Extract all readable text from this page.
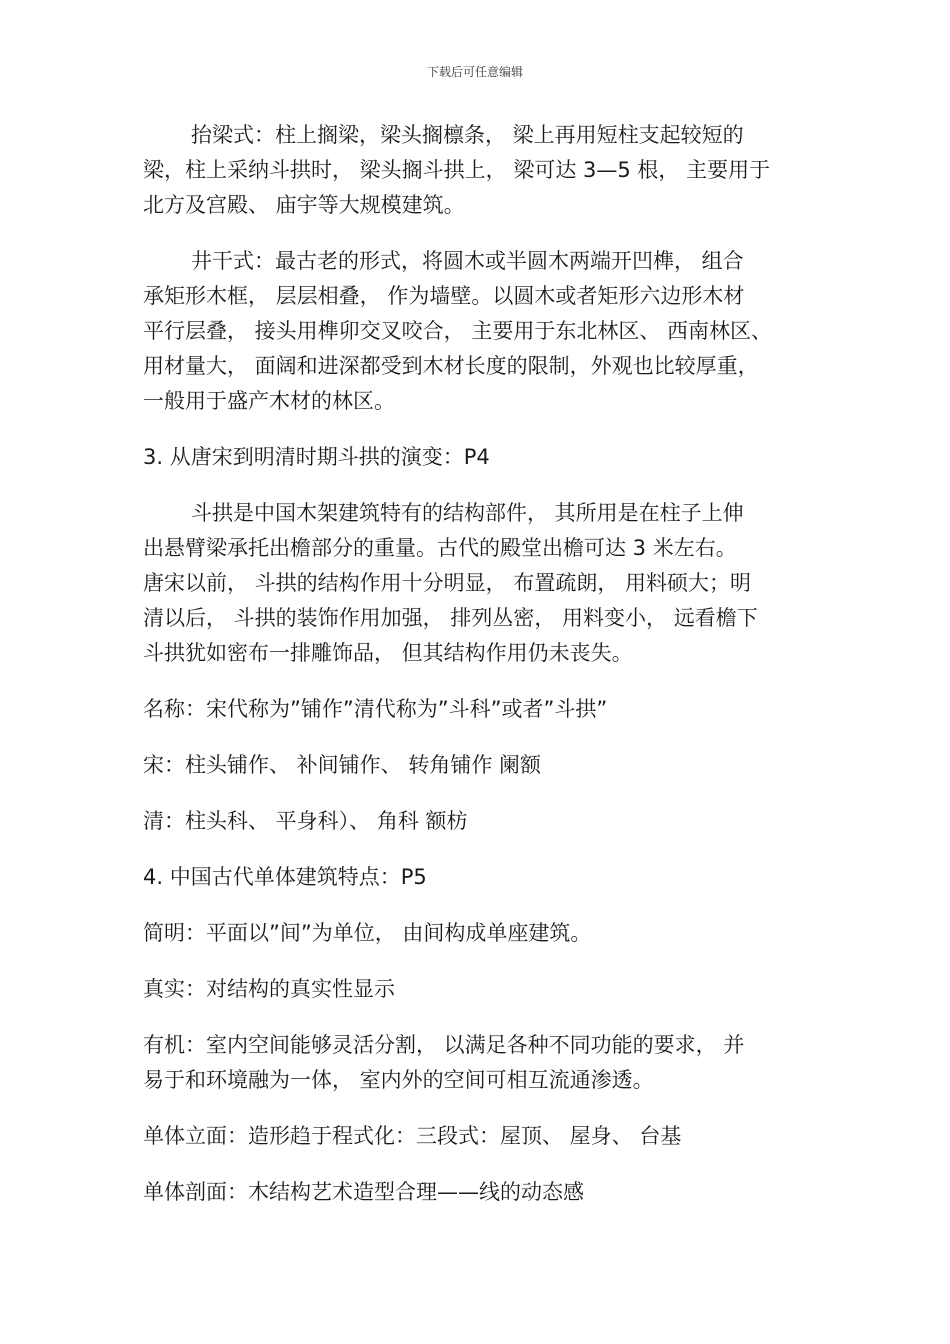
下载后可任意编辑

抬梁式：柱上搁梁，梁头搁檩条， 梁上再用短柱支起较短的
梁，柱上采纳斗拱时， 梁头搁斗拱上， 梁可达 3—5 根， 主要用于
北方及宫殿、 庙宇等大规模建筑。

井干式：最古老的形式，将圆木或半圆木两端开凹榫， 组合
承矩形木框， 层层相叠， 作为墙壁。以圆木或者矩形六边形木材
平行层叠， 接头用榫卯交叉咬合， 主要用于东北林区、 西南林区、
用材量大， 面阔和进深都受到木材长度的限制，外观也比较厚重，
一般用于盛产木材的林区。

3. 从唐宋到明清时期斗拱的演变：P4

斗拱是中国木架建筑特有的结构部件， 其所用是在柱子上伸
出悬臂梁承托出檐部分的重量。古代的殿堂出檐可达 3 米左右。
唐宋以前， 斗拱的结构作用十分明显， 布置疏朗， 用料硕大；明
清以后， 斗拱的装饰作用加强， 排列丛密， 用料变小， 远看檐下
斗拱犹如密布一排雕饰品， 但其结构作用仍未丧失。

名称：宋代称为”铺作”清代称为”斗科”或者”斗拱”

宋：柱头铺作、 补间铺作、 转角铺作 阑额

清：柱头科、 平身科）、 角科 额枋

4. 中国古代单体建筑特点：P5

简明：平面以”间”为单位， 由间构成单座建筑。

真实：对结构的真实性显示

有机：室内空间能够灵活分割， 以满足各种不同功能的要求， 并
易于和环境融为一体， 室内外的空间可相互流通渗透。

单体立面：造形趋于程式化：三段式：屋顶、 屋身、 台基

单体剖面：木结构艺术造型合理——线的动态感
